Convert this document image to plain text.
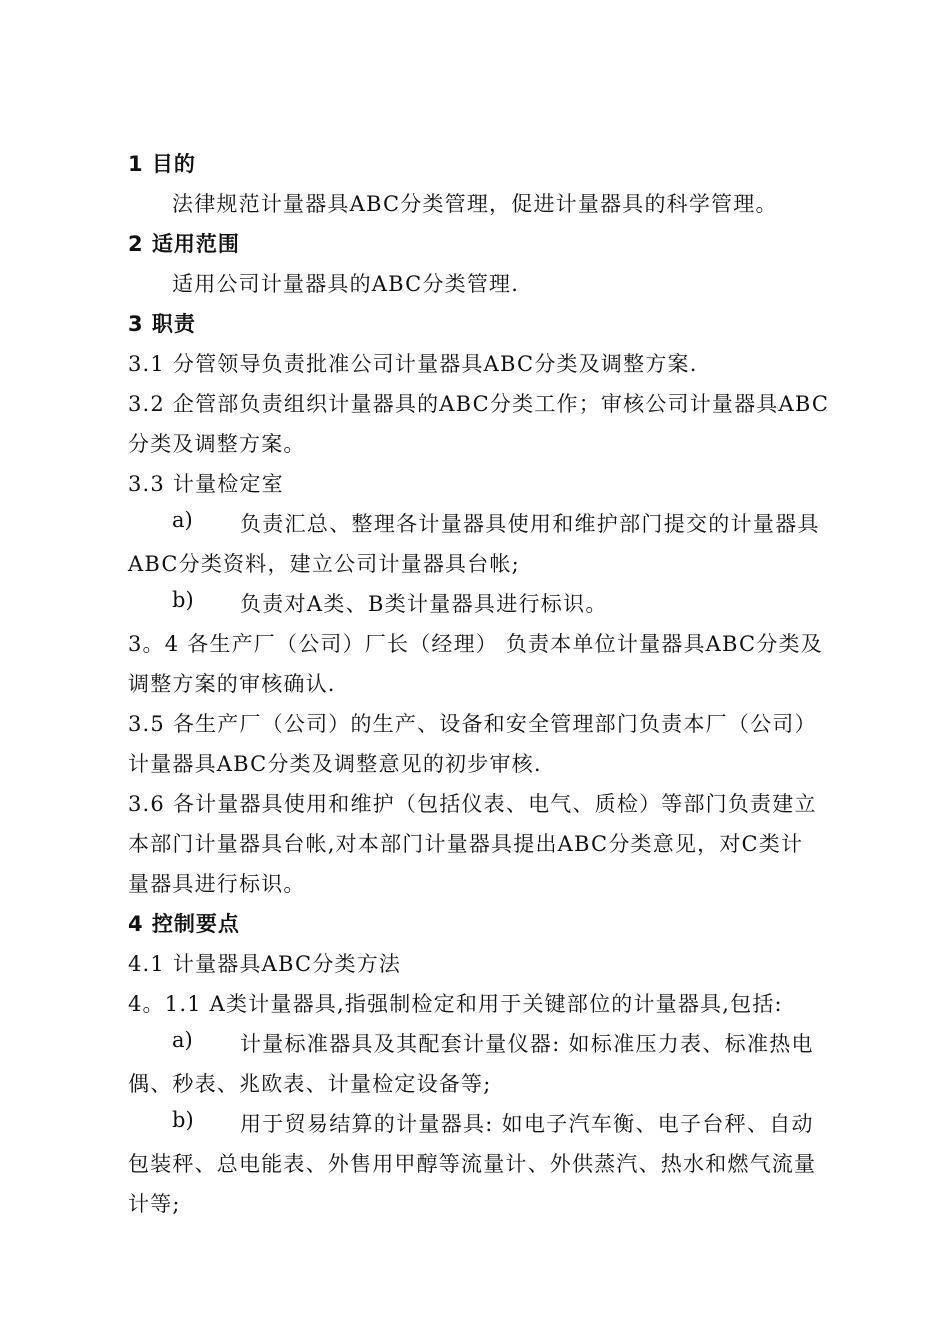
1 目的
法律规范计量器具ABC分类管理，促进计量器具的科学管理。
2 适用范围
适用公司计量器具的ABC分类管理.
3 职责
3.1 分管领导负责批准公司计量器具ABC分类及调整方案.
3.2 企管部负责组织计量器具的ABC分类工作；审核公司计量器具ABC
分类及调整方案。
3.3 计量检定室
a) 负责汇总、整理各计量器具使用和维护部门提交的计量器具
ABC分类资料，建立公司计量器具台帐;
b) 负责对A类、B类计量器具进行标识。
3。4 各生产厂（公司）厂长（经理） 负责本单位计量器具ABC分类及
调整方案的审核确认.
3.5 各生产厂（公司）的生产、设备和安全管理部门负责本厂（公司）
计量器具ABC分类及调整意见的初步审核.
3.6 各计量器具使用和维护（包括仪表、电气、质检）等部门负责建立
本部门计量器具台帐,对本部门计量器具提出ABC分类意见，对C类计
量器具进行标识。
4 控制要点
4.1 计量器具ABC分类方法
4。1.1 A类计量器具,指强制检定和用于关键部位的计量器具,包括:
a) 计量标准器具及其配套计量仪器: 如标准压力表、标准热电
偶、秒表、兆欧表、计量检定设备等;
b) 用于贸易结算的计量器具: 如电子汽车衡、电子台秤、自动
包装秤、总电能表、外售用甲醇等流量计、外供蒸汽、热水和燃气流量
计等;
